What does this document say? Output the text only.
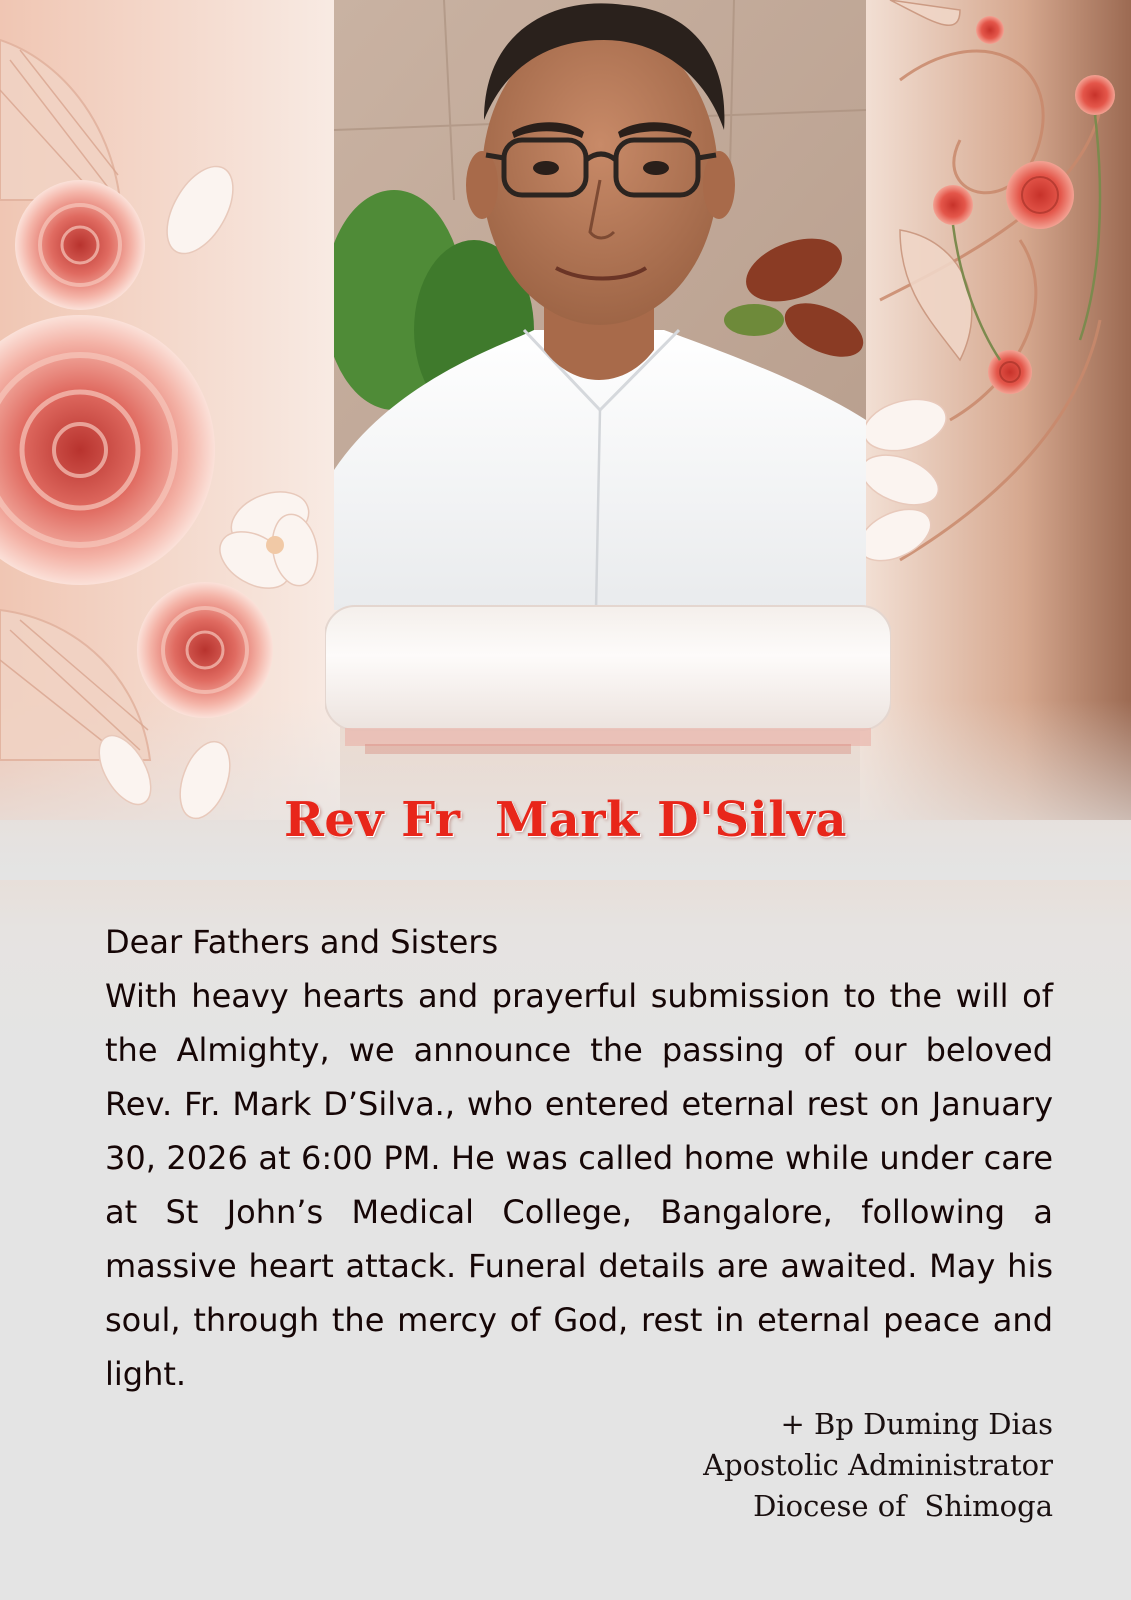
Rev Fr  Mark D'Silva
Dear Fathers and Sisters
With heavy hearts and prayerful submission to the will of the Almighty, we announce the passing of our beloved Rev. Fr. Mark D’Silva., who entered eternal rest on January 30, 2026 at 6:00 PM. He was called home while under care at St John’s Medical College, Bangalore, following a massive heart attack. Funeral details are awaited. May his soul, through the mercy of God, rest in eternal peace and light.
+ Bp Duming Dias
Apostolic Administrator
Diocese of  Shimoga
